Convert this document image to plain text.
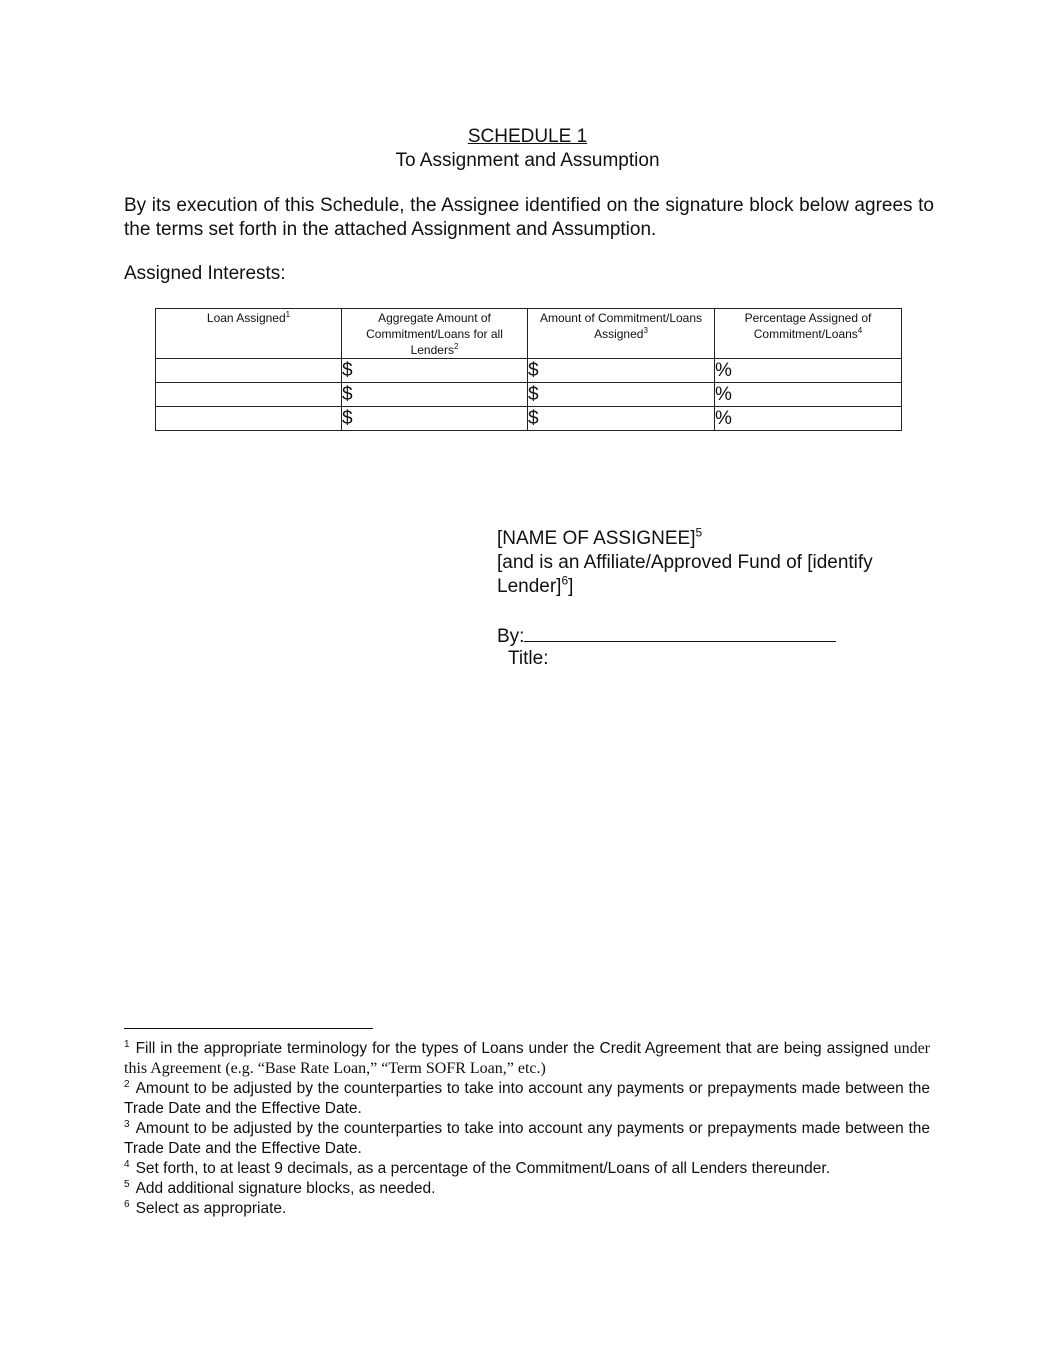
SCHEDULE 1
To Assignment and Assumption
By its execution of this Schedule, the Assignee identified on the signature block below agrees to the terms set forth in the attached Assignment and Assumption.
Assigned Interests:
Loan Assigned$^1$	Aggregate Amount of Commitment/Loans for all Lenders$^2$	Amount of Commitment/Loans Assigned$^3$	Percentage Assigned of Commitment/Loans$^4$
	$	$	%
	$	$	%
	$	$	%
[NAME OF ASSIGNEE]$^5$
[and is an Affiliate/Approved Fund of [identify Lender]$^6$]
By:
Title:

$^1$ Fill in the appropriate terminology for the types of Loans under the Credit Agreement that are being assigned under this Agreement (e.g. “Base Rate Loan,” “Term SOFR Loan,” etc.)

$^2$ Amount to be adjusted by the counterparties to take into account any payments or prepayments made between the Trade Date and the Effective Date.

$^3$ Amount to be adjusted by the counterparties to take into account any payments or prepayments made between the Trade Date and the Effective Date.

$^4$ Set forth, to at least 9 decimals, as a percentage of the Commitment/Loans of all Lenders thereunder.

$^5$ Add additional signature blocks, as needed.

$^6$ Select as appropriate.
